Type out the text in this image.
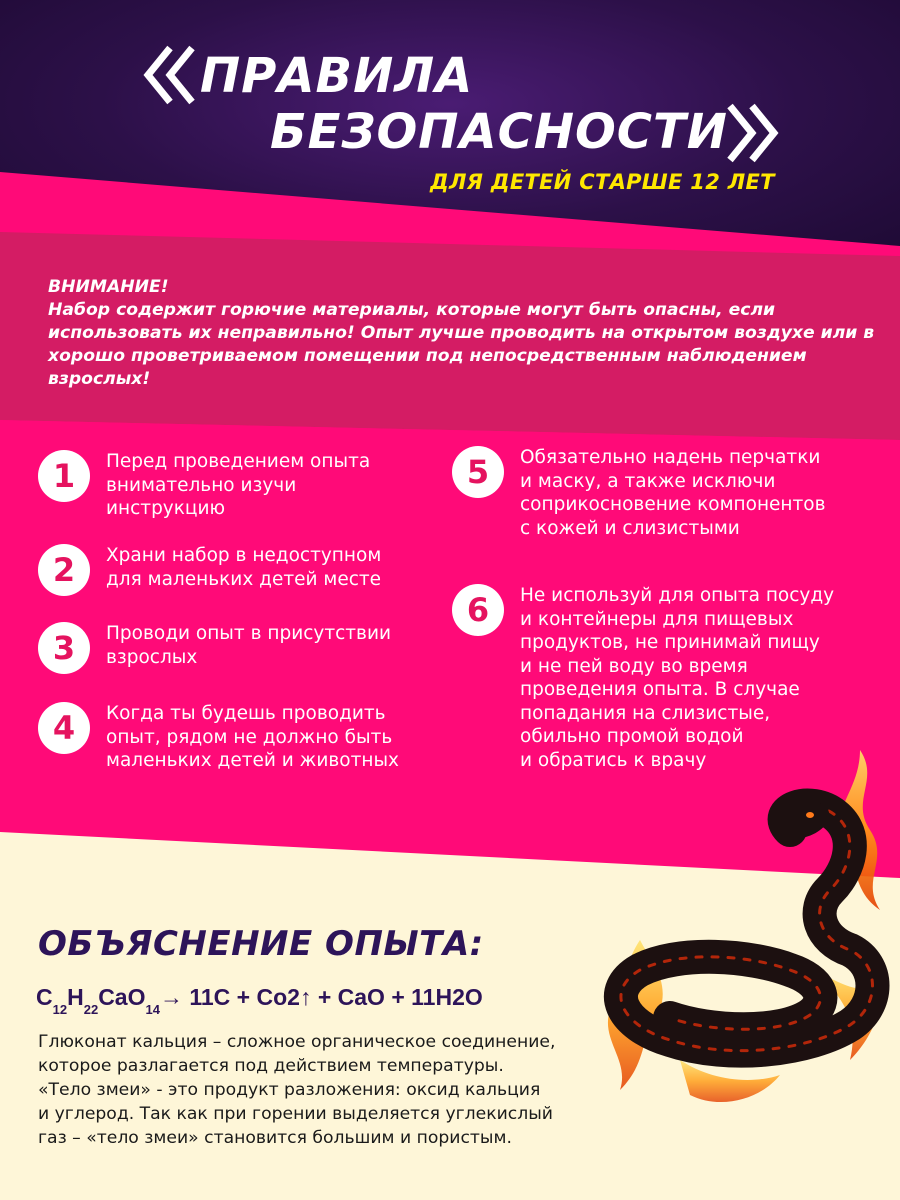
ПРАВИЛА
БЕЗОПАСНОСТИ
ДЛЯ ДЕТЕЙ СТАРШЕ 12 ЛЕТ
ВНИМАНИЕ!
Набор содержит горючие материалы, которые могут быть опасны, если использовать их неправильно! Опыт лучше проводить на открытом воздухе или в хорошо проветриваемом помещении под непосредственным наблюдением взрослых!
1	Перед проведением опыта
внимательно изучи
инструкцию
2	Храни набор в недоступном
для маленьких детей месте
3	Проводи опыт в присутствии
взрослых
4	Когда ты будешь проводить
опыт, рядом не должно быть
маленьких детей и животных
5	Обязательно надень перчатки
и маску, а также исключи
соприкосновение компонентов
с кожей и слизистыми
6	Не используй для опыта посуду
и контейнеры для пищевых
продуктов, не принимай пищу
и не пей воду во время
проведения опыта. В случае
попадания на слизистые,
обильно промой водой
и обратись к врачу
ОБЪЯСНЕНИЕ ОПЫТА:
$C_{12}H_{22}CaO_{14}\to 11C$ + Co2↑ + CaO + 11H2O
Глюконат кальция – сложное органическое соединение,
которое разлагается под действием температуры.
«Тело змеи» - это продукт разложения: оксид кальция
и углерод. Так как при горении выделяется углекислый
газ – «тело змеи» становится большим и пористым.
